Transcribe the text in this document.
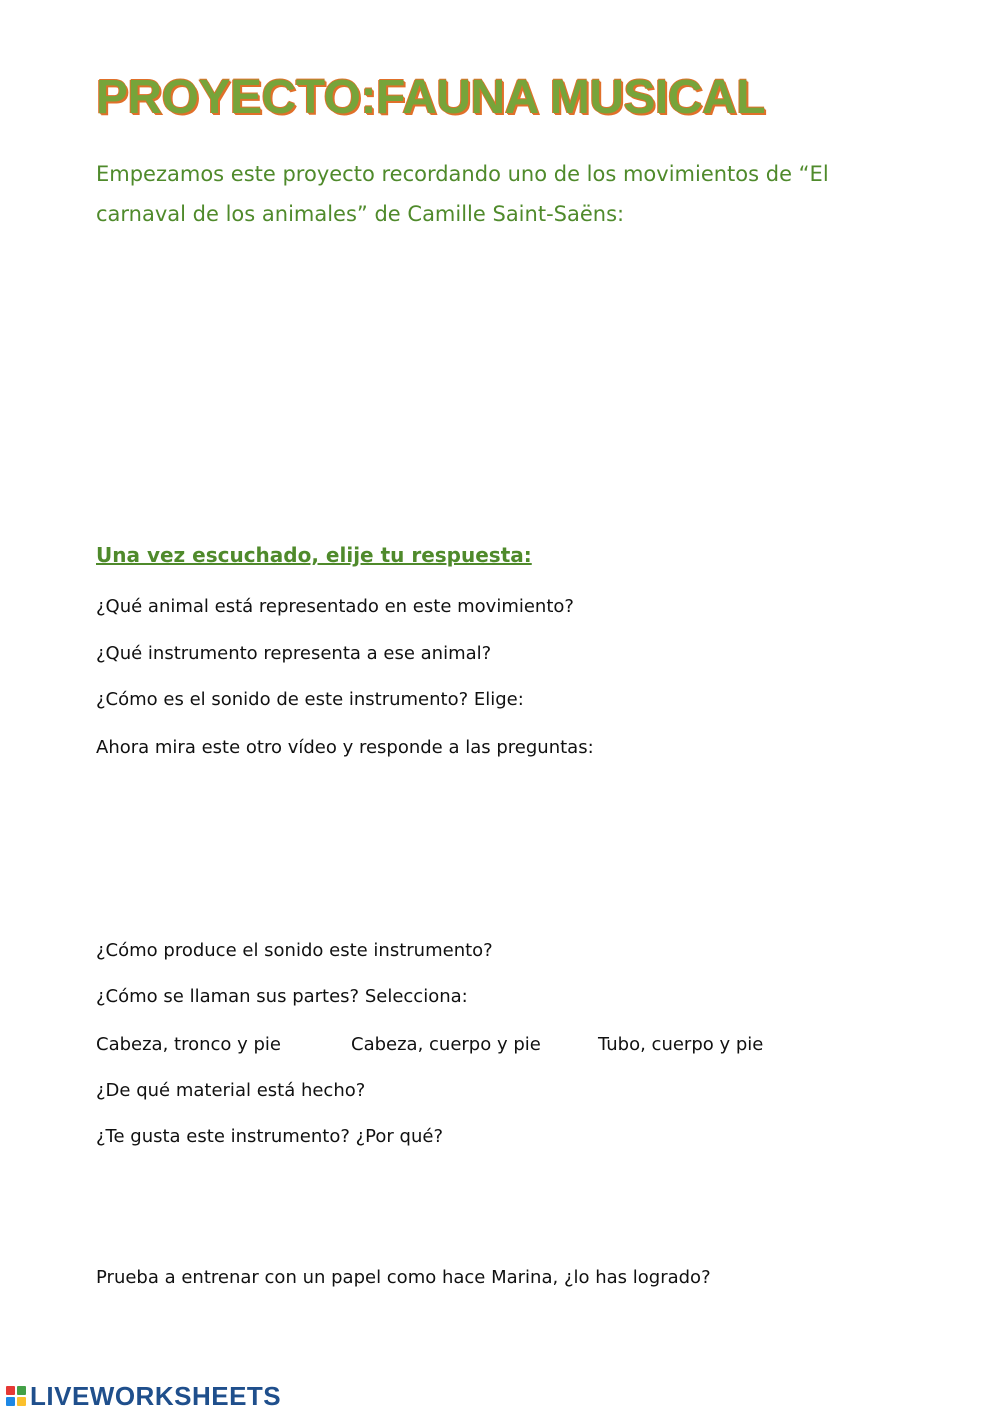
PROYECTO:FAUNA MUSICAL

Empezamos este proyecto recordando uno de los movimientos de “El carnaval de los animales” de Camille Saint-Saëns:

Una vez escuchado, elije tu respuesta:

¿Qué animal está representado en este movimiento?

¿Qué instrumento representa a ese animal?

¿Cómo es el sonido de este instrumento? Elige:

Ahora mira este otro vídeo y responde a las preguntas:

¿Cómo produce el sonido este instrumento?

¿Cómo se llaman sus partes? Selecciona:

Cabeza, tronco y pie	Cabeza, cuerpo y pie	Tubo, cuerpo y pie

¿De qué material está hecho?

¿Te gusta este instrumento? ¿Por qué?

Prueba a entrenar con un papel como hace Marina, ¿lo has logrado?

LIVEWORKSHEETS
